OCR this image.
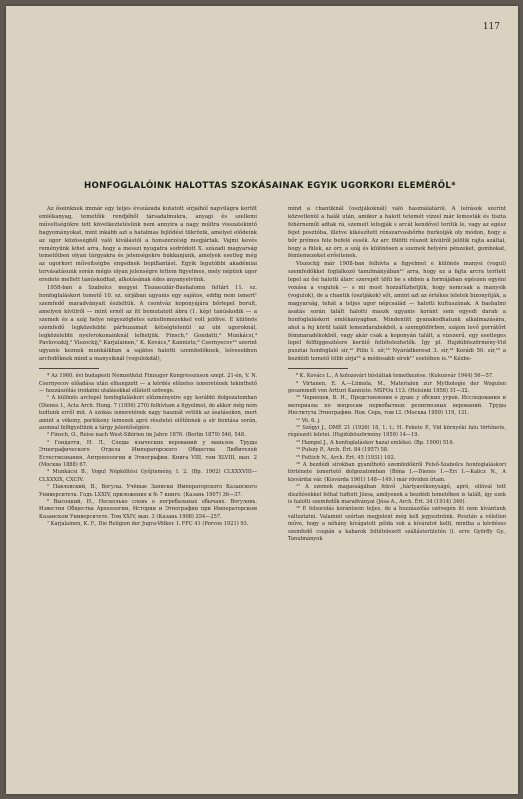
117
HONFOGLALÓINK HALOTTAS SZOKÁSAINAK EGYIK UGORKORI ELEMÉRŐL*

Az őseinknek immár egy teljes évszázada kutatott sírjaiból napvilágra került emlékanyag, temetőik rendjéből társadalmukra, anyagi és szellemi műveltségükre tett következtetésünk nem annyira a nagy múltra visszatekintő hagyományokat, mint inkább azt a hatalmas fejlődést tükrözik, amelyet elődeink az ugor közösségből való kiválástól a honszerzésig megjártak. Vajmi kevés reményünk lehet arra, hogy a messzi nyugatra sodródott X. századi magyarság temetőiben olyan tárgyakra és jelenségekre bukkanjunk, amelyek esetleg még az ugorkori műveltségbe engednek bepillantást. Egyik legutóbbi akadémiai tervásatásunk során mégis olyan jelenségre lettem figyelmes, mely népünk ugor eredete mellett tanúskodhat, alkotásának édes anyanyelvünk.

1958-ban a Szabolcs megyei Tiszaeszlár-Bashalomn feltárt 11. sz. honfoglaláskori temető 10. sz. sírjában ugyanis egy sajátos, eddig nem ismert¹ szemfedő maradványait észleltük. A csontváz koponyájára bőrlepel borult, amelyen kívülről — mint ernél az itt bemutatott ábra (1. kép) tanúskodik — a szemek és a száj helye négyszögletes ezüstlemezekkel volt jelölve. E különös szemfedő legközelebbi párhuzamait kétségtelenül az obi ugoroknál, legközelebbi nyelvrokonainknál lelhetjük. Finsch,² Gondatti,³ Munkácsi,⁴ Pavlovszkij,⁵ Viszockij,⁶ Karjalainen,⁷ K. Kovács,⁸ Kannisto,⁹ Csernyecov¹⁰ szerint ugyanis keznek munkáikban a sajátos halotti szemfedőknek, leívesebben arcfedőknek mind a manysiknál (vogulokdál),

* Az 1960. évi budapesti Nemzetközi Finnugor Kongresszuson szept. 21-én, V. N. Csernyecov előadása után elhangzott — a kérdés előzetes ismeretének tekinthető — hozzászólás irodalmi utalásokkal ellátott szövege.

¹ A különös arclepel honfoglaláskori előzményeire egy korábbi dolgozatomban (Dienes I., Acta Arch. Hung. 7 (1956) 270) felhívtam a figyelmet, de akkor még nem tudtunk erről mit. A szokás ismeretének nagy hasznát vettük az ásatásokon, mert amint a vékony, porlékony lemezek apró részletei előtűnnek a sír bontása során, azonnal felfigyeltünk a tárgy jelentőségére.

² Finsch, O., Reise nach West-Sibirien im Jahre 1876. (Berlin 1879) 546, 548.

³ Гондатти, Н. Л., Следы языческих верований у маньзов. Труды Этнографического Отдела Императорского Общества Любителей Естествознания, Антропологии и Этнографии. Книга VIII, том XLVIII, вып. 2 (Москва 1888) 67.

⁴ Munkácsi B., Vogul Népköltési Gyűjtemény, I. 2. (Bp. 1902) CLXXXVIII—CLXXXIX, CXCIV.

⁵ Павловский, В., Вогулы. Учёные Записки Императорского Казанского Университета. Годъ LXXIV, приложение к № 7 книге. (Казань 1907) 36—37.

⁶ Высоцкий, Н., Несколько словъ о погребальных обычаях. Вогуловъ. Известия Общества Археологии, Истории и Этнографии при Императорском Казанском Университете. Том XXIV, вып. 3 (Казань 1908) 254—257.

⁷ Karjalainen, K. F., Die Religion der Jugra-Völker. I. FFC 41 (Porvoo 1921) 93.

mind a chantiknál (osztjákoknál) való használatáról. A leírások szerint közvetlenül a halál után, amikor a halott tetemét vízzel már lemosták és tiszta fehérneműt adtak rá, szemeit lefogják s arcát kendővel terítik le, vagy az egész fejet posztóba, illetve kikészített rénszarvasbőrbe burkolják oly módon, hogy a bőr prémes fele befelé essék. Az arc fölötti részeit kívülről jelölik rajta azáltal, hogy a fülek, az orr, a száj és különösen a szemek helyére pénzeket, gombokat, fémlemezeket erősítenek.

Viszockij már 1908-ban felhívta a figyelmet e különös manysi (vogul) szemfedőkkel foglalkozó tanulmányában¹¹ arra, hogy ez a fajta arcra terített lepel az ősi halotti álarc szerepét tölti be s ebben a formájában egészen egyéni vonása a vogulok — s mi most hozzáfűzhetjük, hogy nemcsak a manysik (vogulok), de a chantik (osztjákok) sőt, amint azt az értékes leletek bizonyítják, a magyarság, tehát a teljes ugor népcsalád — halotti kultuszának. A bashalmi ásatás során talált halotti maszk ugyanis koránt sem egyedi darab a honfoglaláskori emlékanyagban. Mindenütt gyanakodhatunk alkalmazására, ahol a fej körül talált lemezdarabokból, a szemgödörben, szájon levő porrátőrt fémmaradékokból, vagy akár csak a koponyán talált, a vízszerű, egy esetleges lepel felfüggesztésre kerülő feltételezhetők. Így pl. Hajdúböszörmény-Vid pusztai honfoglaló sír,¹² Pilin I. sír,¹³ Nyárádkeresd 3. sír,¹⁴ Korádi 50. sír,¹⁵ a bezdédi temető több sírja¹⁶ a módosabb sírok¹⁷ esetében is.¹⁸ Kézbe-

⁸ K. Kovács L., A kolozsvári hóstátiak temetkezése. (Kolozsvár 1944) 56—57.

⁹ Virtanen, E. A.—Liimola, M., Materialen zur Mythologie der Wogulen gesammelt von Artturi Kannisto. MSFOu 113. (Helsinki 1958) 31—32.

¹⁰ Чернецов, В. Н., Представления о душе у обских угров. Исследования и материалы по вопросам первобытных религиозных верований. Труды Института Этнографии. Нов. Серь, том LI. (Москва 1959) 119, 131.

¹¹ Vö. 6. j.

¹² Szőgyi J., DMÉ 21 (1926) 18, 1. t.; H. Fekete P., Vid környéki falu története, régészeti leletei. (Hajdúböszörmény 1959) 14—19.

¹³ Hampel J., A honfoglaláskor hazai emlékei. (Bp. 1900) 516.

¹⁴ Pulszy P., Arch. Ért. 84 (1957) 58.

¹⁵ Fettich N., Arch. Ért. 45 (1931) 102.

¹⁶ A bezdédi sírokban gyaníthotó szemfedőkről Felső-Szabolcs honfoglaláskori története ismertető dolgozatomban (Bóna I.—Dienes I.—Éri I.—Kalicz N., A kisvárdai vár. (Kisvárda 1961) 148—149.) már röviden írtam.

¹⁷ A szemek magasságában fekvő „hártyavékonyságú, apró, ollóval tett díszítésekkel felhal tudtott Józsa, amilyenek a bezdédi temetőben is talált, így ezek is halotti szemfedők maradványai (Jósa A., Arch. Ért. 34 (1914) 340).

¹⁸ E felsorolás korántsem teljes, de a hozzászólás szövegén ítt nem kívántunk változtatni. Valamint szórtan megjelent még kell jegyeztnünk. Posztán a véletlen műve, hogy a néhány kívágatott példa sok a kíváratot kelti, mintha a kérdéses szemfedő csupán a kabarok feltételezett szállásterületén (l. erre Györffy Gy., Tanulmányok
